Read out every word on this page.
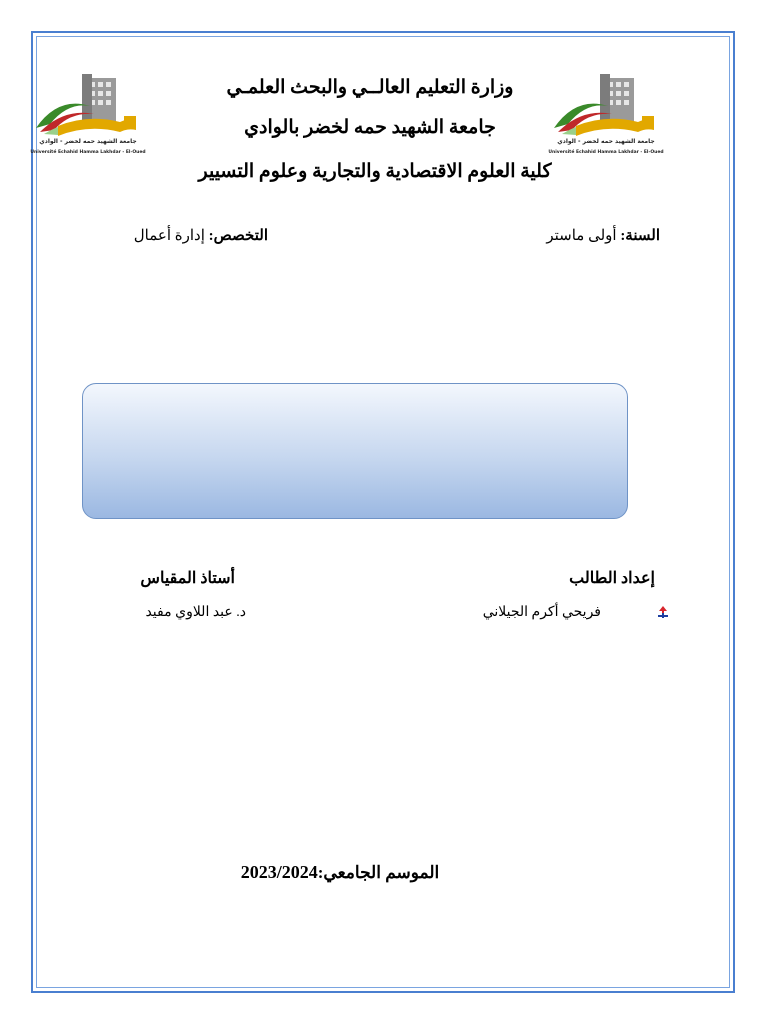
جامعة الشهيد حمه لخضر - الوادي
Université Echahid Hamma Lakhdar - El-Oued
جامعة الشهيد حمه لخضر - الوادي
Université Echahid Hamma Lakhdar - El-Oued
وزارة التعليم العالــي والبحث العلمـي
جامعة الشهيد حمه لخضر بالوادي
كلية العلوم الاقتصادية والتجارية وعلوم التسيير
السنة: أولى ماستر
التخصص: إدارة أعمال
إعداد الطالب
أستاذ المقياس
فريحي أكرم الجيلاني
د. عبد اللاوي مفيد
2023/2024الموسم الجامعي:
